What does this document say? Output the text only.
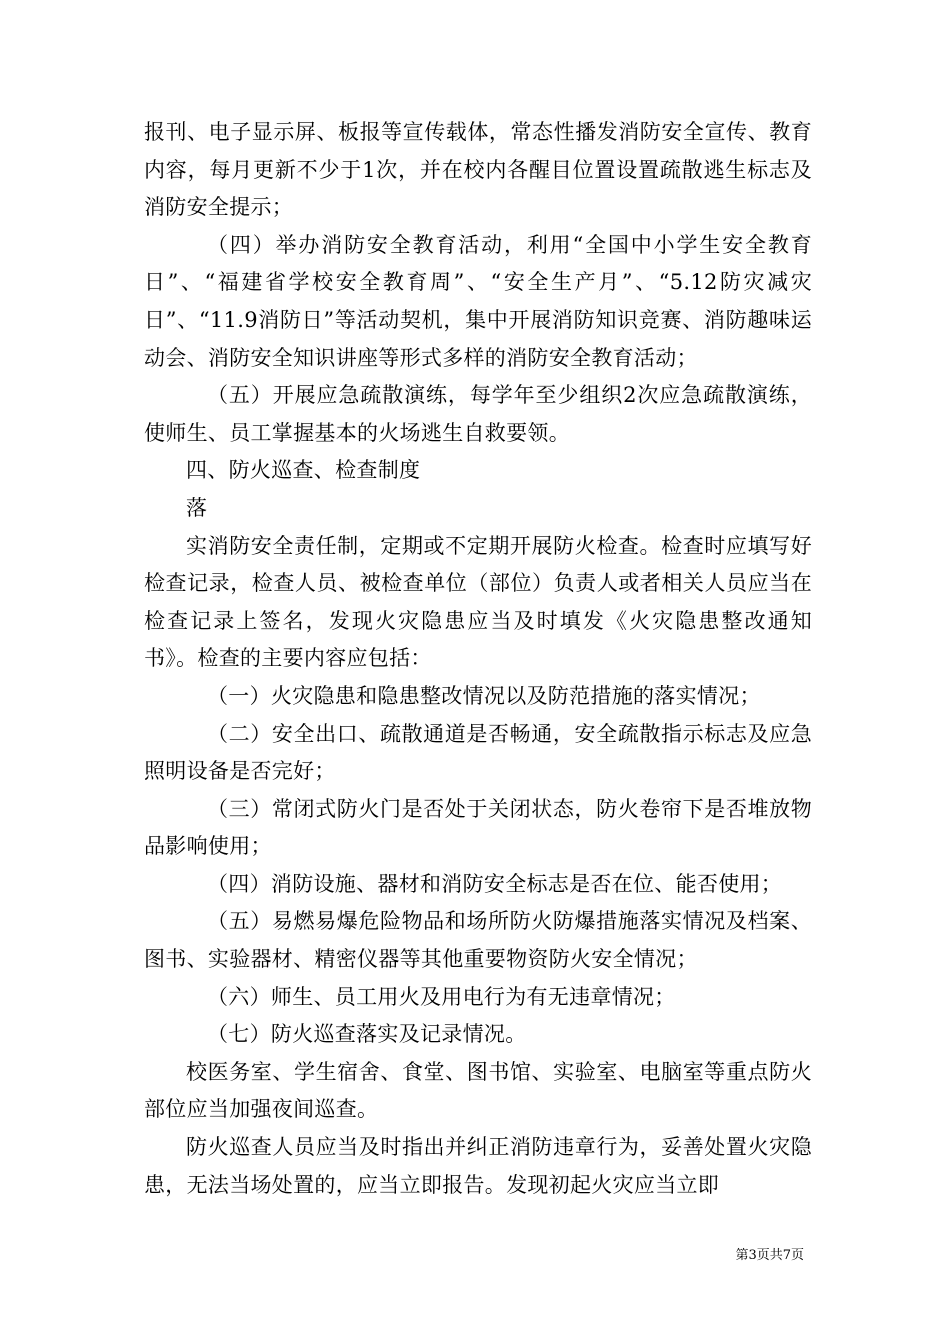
报刊、电子显示屏、板报等宣传载体，常态性播发消防安全宣传、教育内容，每月更新不少于1次，并在校内各醒目位置设置疏散逃生标志及消防安全提示；

（四）举办消防安全教育活动，利用“全国中小学生安全教育日”、“福建省学校安全教育周”、“安全生产月”、“5.12防灾减灾日”、“11.9消防日”等活动契机，集中开展消防知识竞赛、消防趣味运动会、消防安全知识讲座等形式多样的消防安全教育活动；

（五）开展应急疏散演练，每学年至少组织2次应急疏散演练，使师生、员工掌握基本的火场逃生自救要领。

四、防火巡查、检查制度

落

实消防安全责任制，定期或不定期开展防火检查。检查时应填写好检查记录，检查人员、被检查单位（部位）负责人或者相关人员应当在检查记录上签名，发现火灾隐患应当及时填发《火灾隐患整改通知书》。检查的主要内容应包括：

（一）火灾隐患和隐患整改情况以及防范措施的落实情况；

（二）安全出口、疏散通道是否畅通，安全疏散指示标志及应急照明设备是否完好；

（三）常闭式防火门是否处于关闭状态，防火卷帘下是否堆放物品影响使用；

（四）消防设施、器材和消防安全标志是否在位、能否使用；

（五）易燃易爆危险物品和场所防火防爆措施落实情况及档案、图书、实验器材、精密仪器等其他重要物资防火安全情况；

（六）师生、员工用火及用电行为有无违章情况；

（七）防火巡查落实及记录情况。

校医务室、学生宿舍、食堂、图书馆、实验室、电脑室等重点防火部位应当加强夜间巡查。

防火巡查人员应当及时指出并纠正消防违章行为，妥善处置火灾隐患，无法当场处置的，应当立即报告。发现初起火灾应当立即

第3页共7页
